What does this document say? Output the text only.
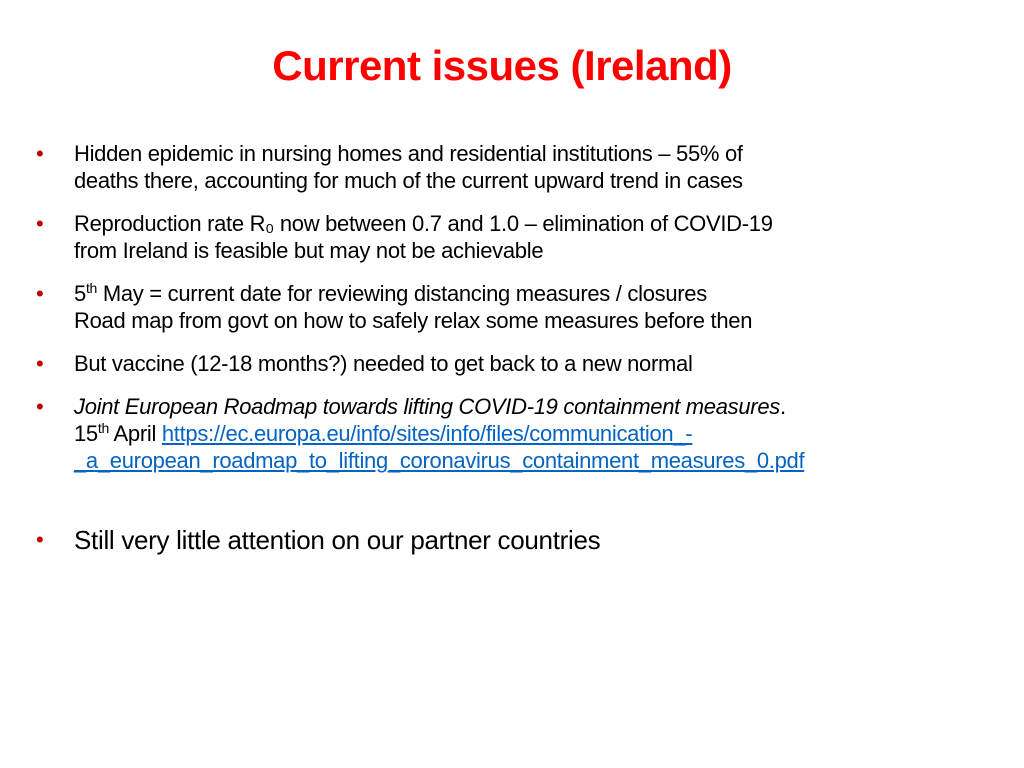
Current issues (Ireland)
• Hidden epidemic in nursing homes and residential institutions – 55% of
deaths there, accounting for much of the current upward trend in cases
• Reproduction rate R₀ now between 0.7 and 1.0 – elimination of COVID-19
from Ireland is feasible but may not be achievable
• 5th May = current date for reviewing distancing measures / closures
Road map from govt on how to safely relax some measures before then
• But vaccine (12-18 months?) needed to get back to a new normal
• Joint European Roadmap towards lifting COVID-19 containment measures.
15th April https://ec.europa.eu/info/sites/info/files/communication_-
_a_european_roadmap_to_lifting_coronavirus_containment_measures_0.pdf
• Still very little attention on our partner countries
